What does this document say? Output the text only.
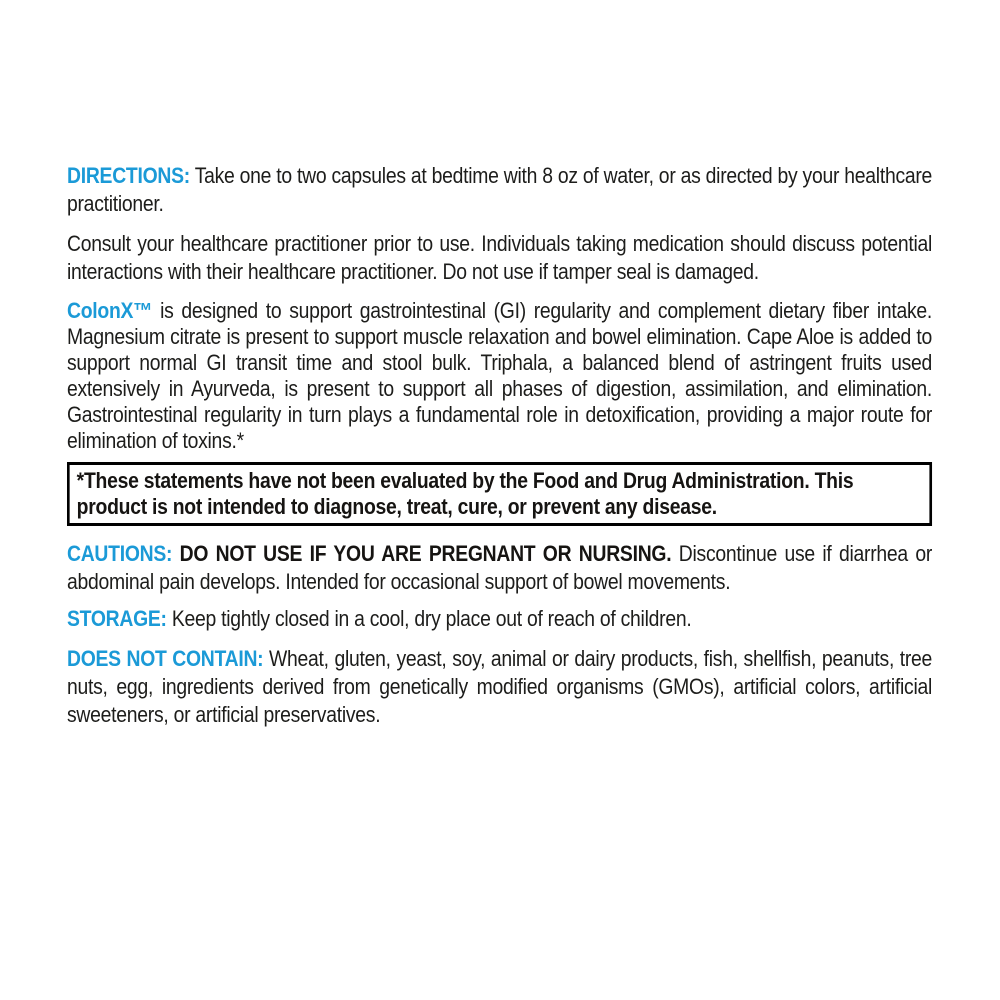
DIRECTIONS: Take one to two capsules at bedtime with 8 oz of water, or as directed by your healthcare practitioner.

Consult your healthcare practitioner prior to use. Individuals taking medication should discuss potential interactions with their healthcare practitioner. Do not use if tamper seal is damaged.

ColonX™ is designed to support gastrointestinal (GI) regularity and complement dietary fiber intake. Magnesium citrate is present to support muscle relaxation and bowel elimination. Cape Aloe is added to support normal GI transit time and stool bulk. Triphala, a balanced blend of astringent fruits used extensively in Ayurveda, is present to support all phases of digestion, assimilation, and elimination. Gastrointestinal regularity in turn plays a fundamental role in detoxification, providing a major route for elimination of toxins.*

*These statements have not been evaluated by the Food and Drug Administration. This product is not intended to diagnose, treat, cure, or prevent any disease.

CAUTIONS: DO NOT USE IF YOU ARE PREGNANT OR NURSING. Discontinue use if diarrhea or abdominal pain develops. Intended for occasional support of bowel movements.

STORAGE: Keep tightly closed in a cool, dry place out of reach of children.

DOES NOT CONTAIN: Wheat, gluten, yeast, soy, animal or dairy products, fish, shellfish, peanuts, tree nuts, egg, ingredients derived from genetically modified organisms (GMOs), artificial colors, artificial sweeteners, or artificial preservatives.
